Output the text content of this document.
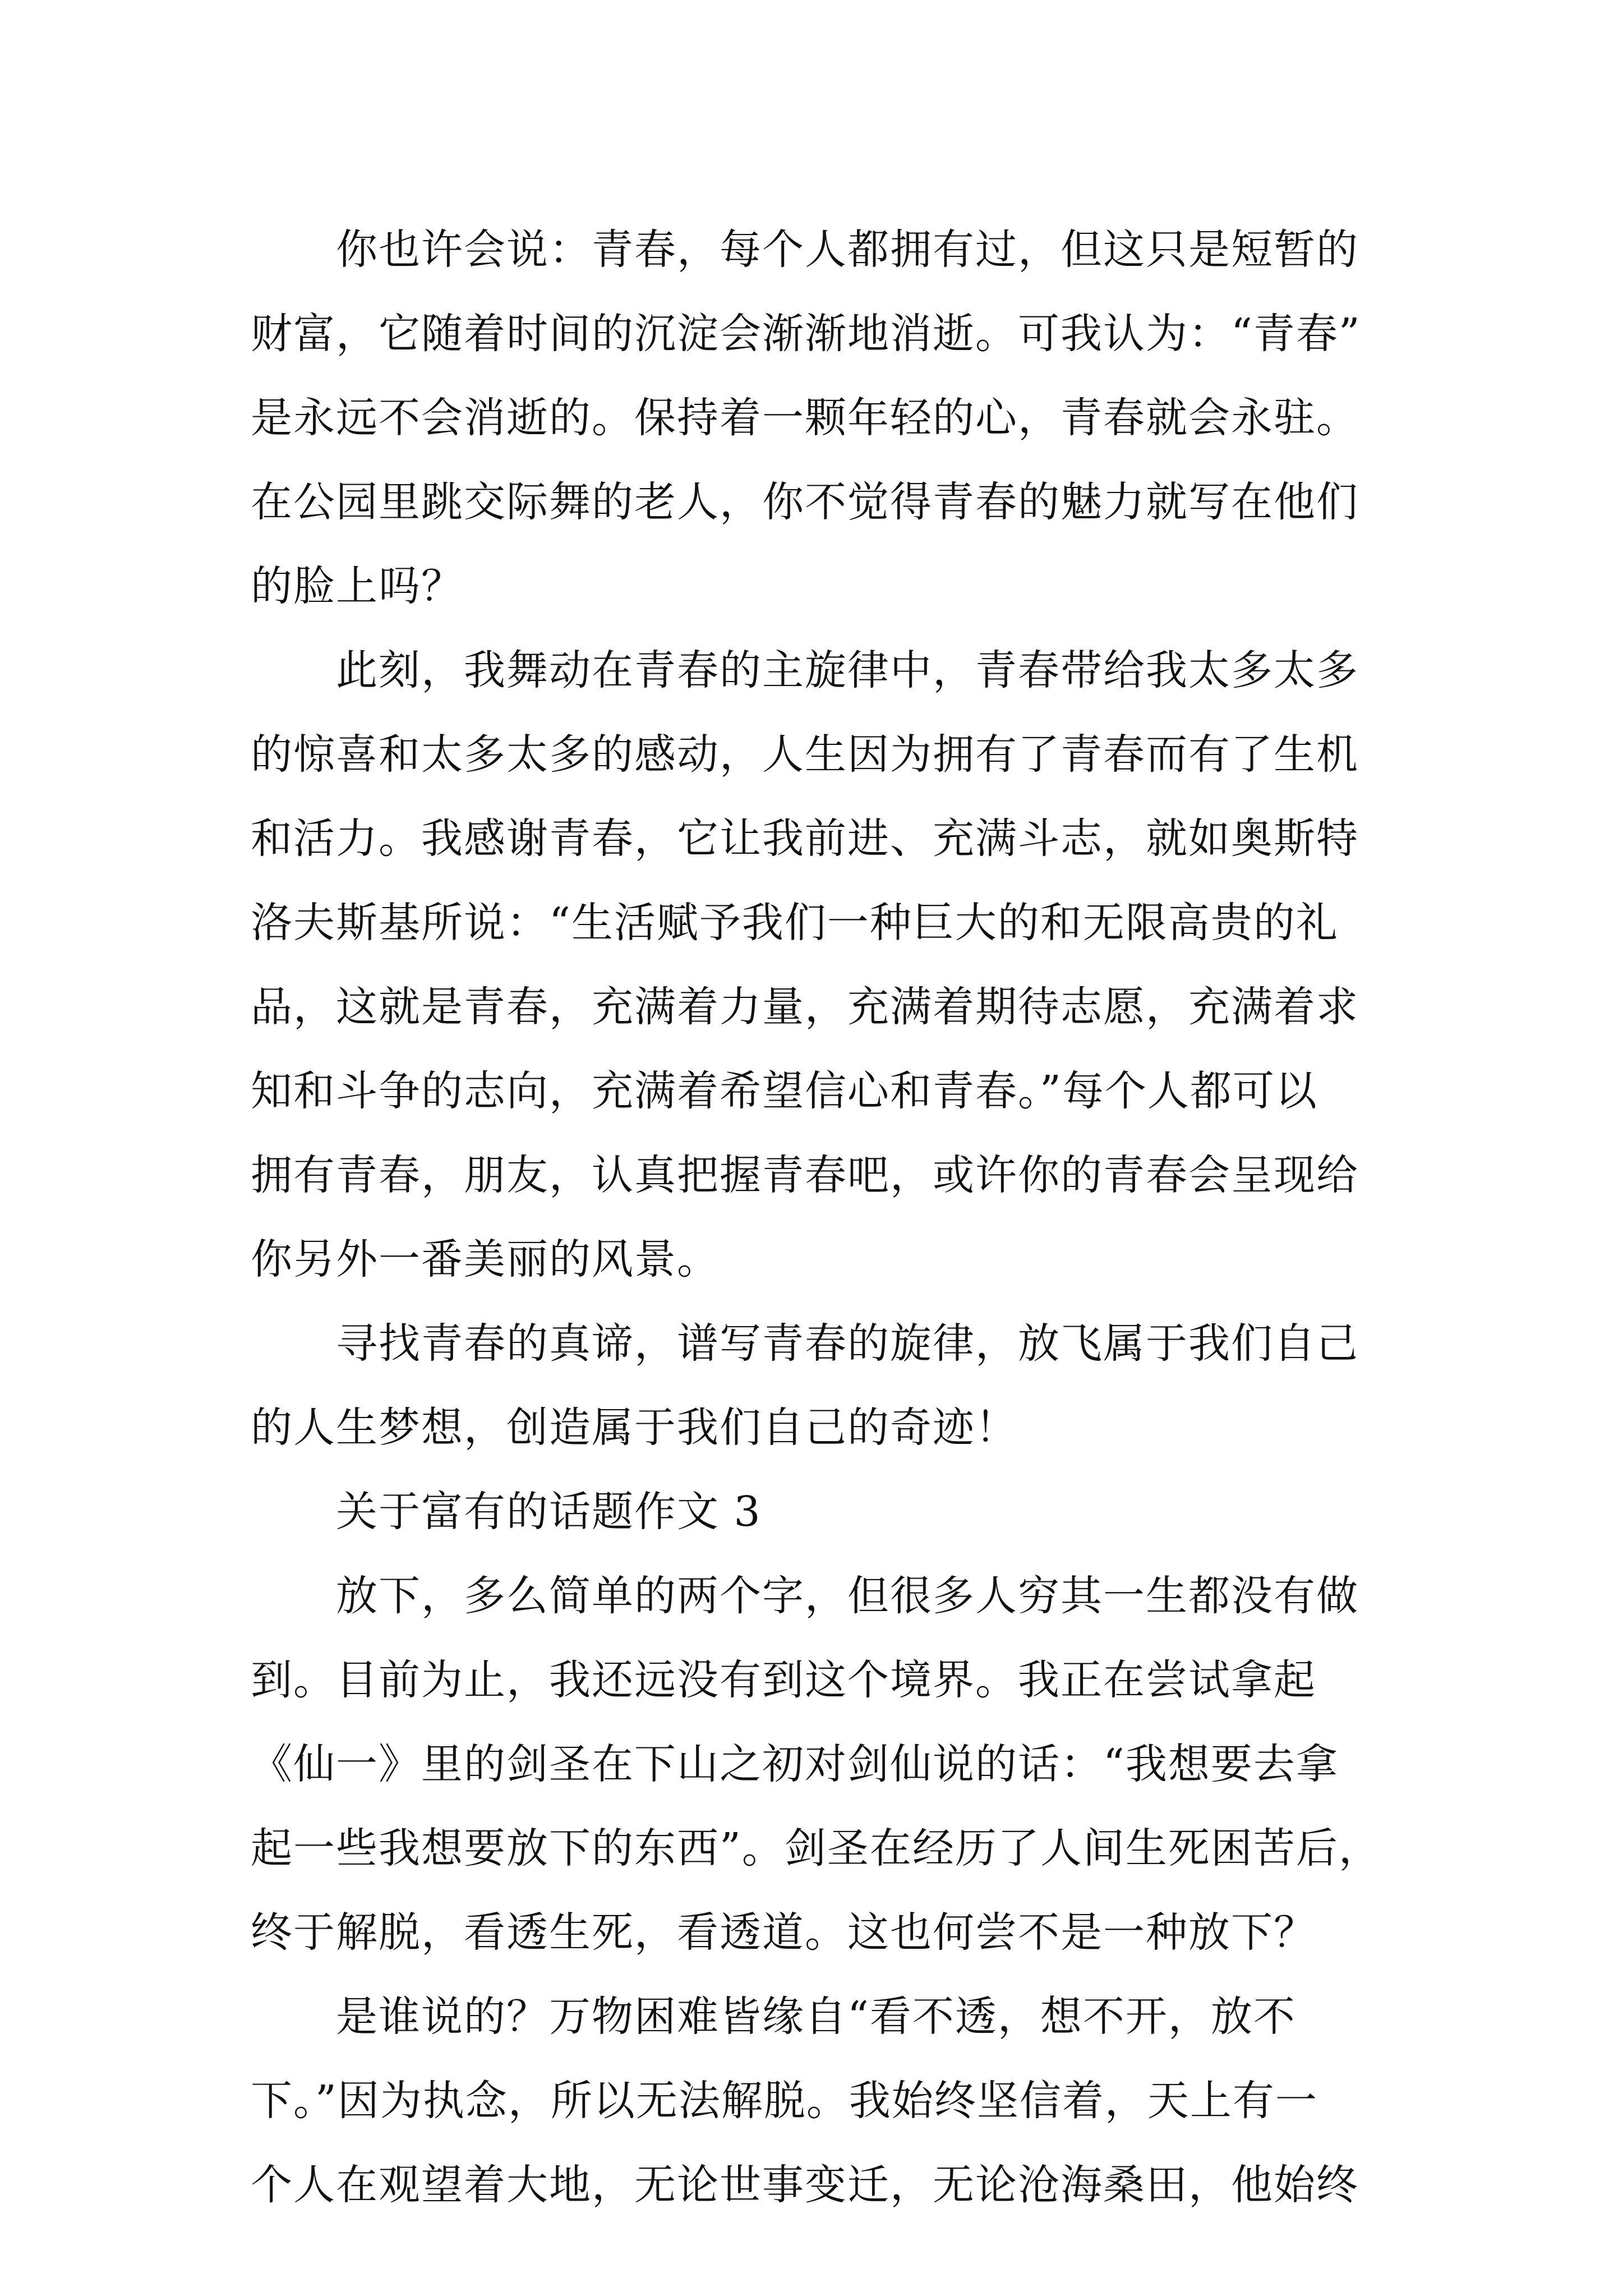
你也许会说：青春，每个人都拥有过，但这只是短暂的
财富，它随着时间的沉淀会渐渐地消逝。可我认为：“青春”
是永远不会消逝的。保持着一颗年轻的心，青春就会永驻。
在公园里跳交际舞的老人，你不觉得青春的魅力就写在他们
的脸上吗？
此刻，我舞动在青春的主旋律中，青春带给我太多太多
的惊喜和太多太多的感动，人生因为拥有了青春而有了生机
和活力。我感谢青春，它让我前进、充满斗志，就如奥斯特
洛夫斯基所说：“生活赋予我们一种巨大的和无限高贵的礼
品，这就是青春，充满着力量，充满着期待志愿，充满着求
知和斗争的志向，充满着希望信心和青春。”每个人都可以
拥有青春，朋友，认真把握青春吧，或许你的青春会呈现给
你另外一番美丽的风景。
寻找青春的真谛，谱写青春的旋律，放飞属于我们自己
的人生梦想，创造属于我们自己的奇迹！
关于富有的话题作文 3
放下，多么简单的两个字，但很多人穷其一生都没有做
到。目前为止，我还远没有到这个境界。我正在尝试拿起
《仙一》里的剑圣在下山之初对剑仙说的话：“我想要去拿
起一些我想要放下的东西”。剑圣在经历了人间生死困苦后，
终于解脱，看透生死，看透道。这也何尝不是一种放下？
是谁说的？万物困难皆缘自“看不透，想不开，放不
下。”因为执念，所以无法解脱。我始终坚信着，天上有一
个人在观望着大地，无论世事变迁，无论沧海桑田，他始终
